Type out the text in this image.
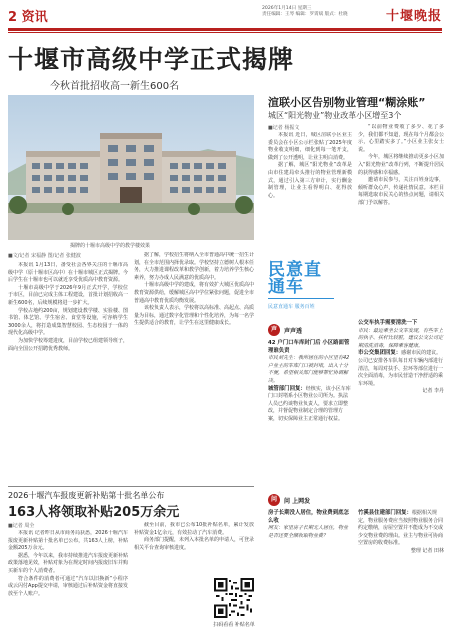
2 资讯
2026年1月14日 星期三
责任编辑：王琴 编辑：罗霄斌 版式：杜晓	十堰晚报
十堰市高级中学正式揭牌
今秋首批招收高一新生600名
揭牌的十堰市高级中学的教学楼效果
■文/记者 宋福静 图/记者 张健波

本报讯 1月13日，备受社会各界关注的十堰市高级中学（原十堰市区高中）在十堰市城区正式揭牌。今后学生在十堰市也可以就近享受优质高中教育资源。

十堰市高级中学于2026年9月正式开学，学校位于市区，目前已完成主体工程建设，首批计划招收高一新生600名，后续规模将进一步扩大。

学校占地约200亩，规划建设教学楼、实验楼、图书馆、体艺馆、学生宿舍、食堂等设施，可容纳学生3000余人，将打造成集智慧校园、生态校园于一体的现代化高级中学。

为加快学校筹建进度，目前学校已组建领导班子，面向全国公开招聘优秀教师。

据了解，学校招生将纳入全市普通高中统一招生计划，在全市范围内择优录取。学校坚持立德树人根本任务，大力推进课程改革和教学创新，着力培养学生核心素养，努力办成人民满意的优质高中。

十堰市高级中学的建成，将有效扩大城区优质高中教育资源供给，缓解城区高中学位紧张问题，促进全市普通高中教育优质均衡发展。

该校负责人表示，学校将以高标准、高起点、高质量为目标，通过数字化管理和个性化培养，为每一名学生提供适合的教育，让学生在这里健康成长。

渲联小区告别物业管理“糊涂账”
城区“阳光物业”物业改革小区增至3个
■记者 杨振文

本报讯 近日，城区渲联小区业主委员会在小区公示栏张贴了2025年度物业收支明细，细化到每一笔开支，做到了公开透明，让业主明白消费。

据了解，城区“阳光物业”改革是由市住建局牵头推行的物业管理新模式，通过引入第三方审计，实行酬金制管理，让业主看得明白、花得放心。

“以前物业费收了多少、花了多少，我们都不知道，现在每个月都会公示，心里踏实多了。”小区业主张女士说。

今年，城区将继续推动更多小区加入“阳光物业”改革行列，不断提升居民的获得感和幸福感。

邀请市民参与，关注百姓身边事，倾听群众心声，传递社情民意。本栏目每期选取市民关心的热点问题，请相关部门予以解答。

民意直通车
民意直通车 服务百姓
声	声声透
42 户门口车库封门后 小区路面管理谁负责
市民刘先生：我所居住的小区里有42户业主的车库门口被封堵，出入十分不便，希望相关部门能够帮忙协调解决。
城管部门回复：经核实，该小区车库门口封堵系小区物业公司所为。执法人员已约谈物业负责人，要求立即整改，并督促物业制定合理的管理方案，切实保障业主正常通行权益。
公交车执手需要清洗一下
市民：最近乘坐公交车发现，有些车上的执手、扶杆比较脏，建议公交公司定期清洗消毒，保障乘客健康。
市公交集团回复：感谢市民的建议。公司已安排各车队每日对车辆内部进行清洁，每周对扶手、拉环等部位进行一次全面消毒，为市民营造干净舒适的乘车环境。
记者 李丹
2026十堰汽车报废更新补贴第十批名单公布
163人将领取补贴205万余元
■记者 周全

本报讯 记者昨日从市商务局获悉，2026十堰汽车报废更新补贴第十批名单已公布，共163人上榜，补贴金额205万余元。

据悉，今年以来，我市持续推进汽车报废更新补贴政策落地见效，补贴对象为在规定时间内报废旧车并购买新车的个人消费者。

符合条件的消费者可通过“汽车以旧换新”小程序或云闪付App提交申请，审核通过后补贴资金将直接发放至个人账户。

截至目前，我市已公布10批补贴名单，累计发放补贴资金1亿余元，有效拉动了汽车消费。

商务部门提醒，未列入本批名单的申请人，可登录相关平台查询审核进度。

扫码看看 补贴名单
问	问 上网发
房子长期没人居住，物业费到底怎么收
网友：家里房子长期无人居住，物业是否还要全额收取物业费？
竹溪县住建部门回复：根据相关规定，物业服务费应当按照物业服务合同约定缴纳，房屋空置并不能成为不交或少交物业费的理由。业主与物业可协商空置房的收费标准。
整理 记者 田林
